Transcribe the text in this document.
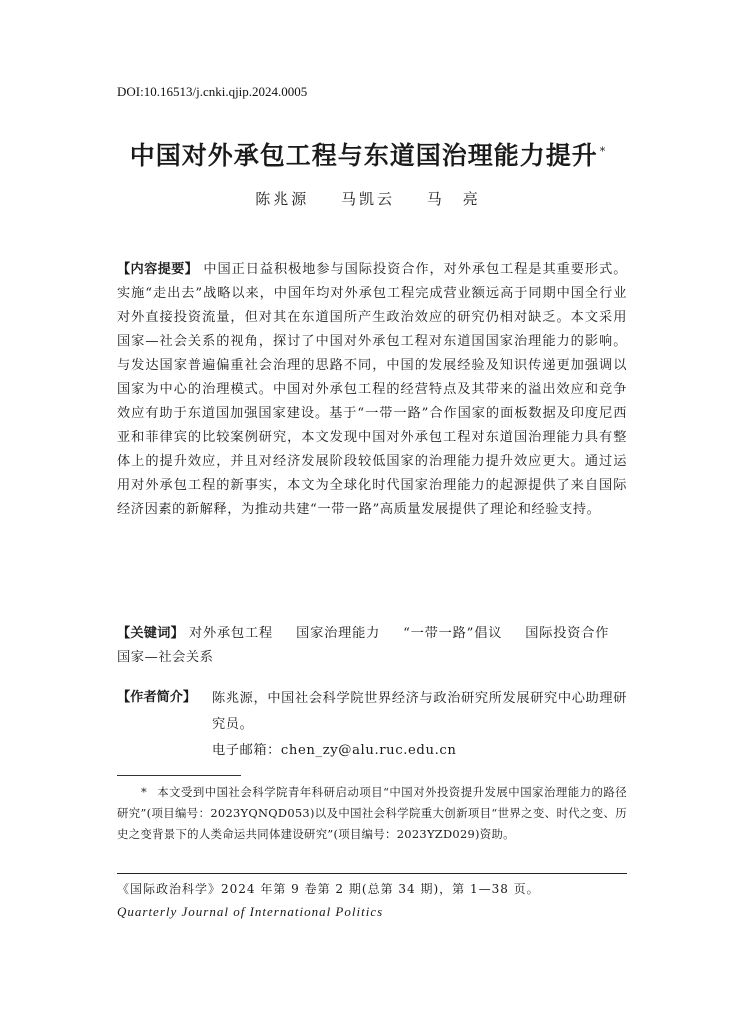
DOI:10.16513/j.cnki.qjip.2024.0005
中国对外承包工程与东道国治理能力提升 *
陈兆源 马凯云 马　亮
【内容提要】 中国正日益积极地参与国际投资合作，对外承包工程是其重要形式。实施“走出去”战略以来，中国年均对外承包工程完成营业额远高于同期中国全行业对外直接投资流量，但对其在东道国所产生政治效应的研究仍相对缺乏。本文采用国家—社会关系的视角，探讨了中国对外承包工程对东道国国家治理能力的影响。与发达国家普遍偏重社会治理的思路不同，中国的发展经验及知识传递更加强调以国家为中心的治理模式。中国对外承包工程的经营特点及其带来的溢出效应和竞争效应有助于东道国加强国家建设。基于“一带一路”合作国家的面板数据及印度尼西亚和菲律宾的比较案例研究，本文发现中国对外承包工程对东道国治理能力具有整体上的提升效应，并且对经济发展阶段较低国家的治理能力提升效应更大。通过运用对外承包工程的新事实，本文为全球化时代国家治理能力的起源提供了来自国际经济因素的新解释，为推动共建“一带一路”高质量发展提供了理论和经验支持。
【关键词】 对外承包工程 国家治理能力 “一带一路”倡议 国际投资合作 国家—社会关系
【作者简介】	陈兆源，中国社会科学院世界经济与政治研究所发展研究中心助理研究员。
电子邮箱：chen_zy@alu.ruc.edu.cn
* 本文受到中国社会科学院青年科研启动项目“中国对外投资提升发展中国家治理能力的路径研究”(项目编号：2023YQNQD053)以及中国社会科学院重大创新项目“世界之变、时代之变、历史之变背景下的人类命运共同体建设研究”(项目编号：2023YZD029)资助。
《国际政治科学》2024 年第 9 卷第 2 期(总第 34 期)，第 1—38 页。
Quarterly Journal of International Politics
